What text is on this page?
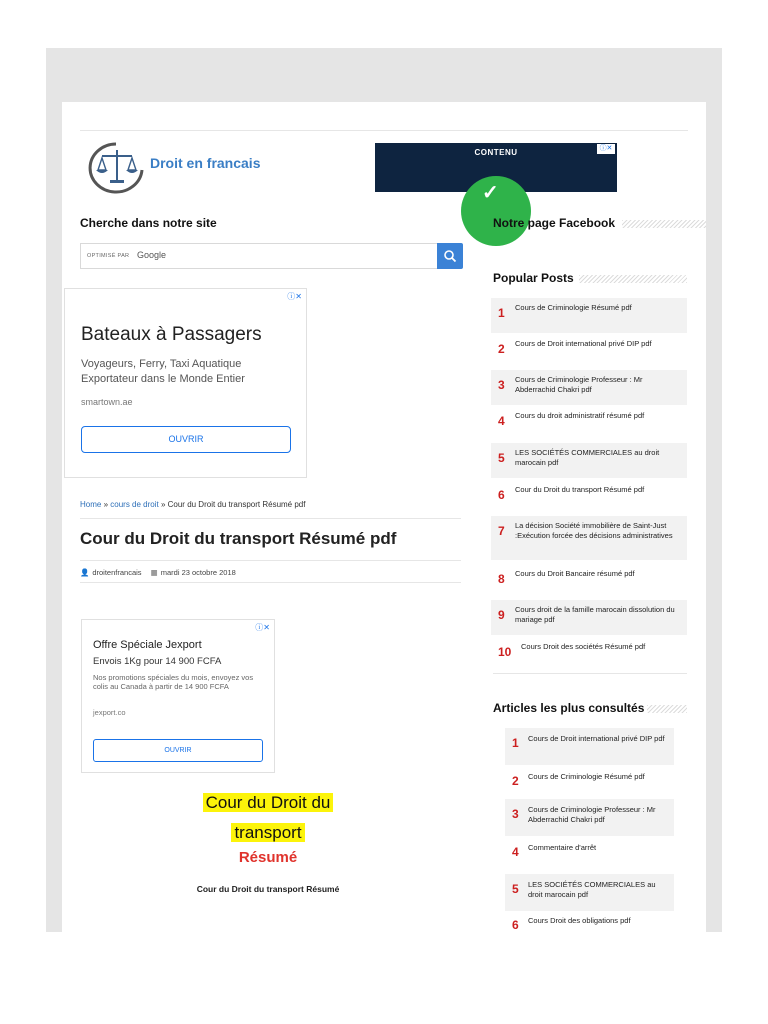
Droit en francais
CONTENU
✓
ⓘ✕
Cherche dans notre site
OPTIMISÉ PAR Google
ⓘ✕
Bateaux à Passagers
Voyageurs, Ferry, Taxi Aquatique Exportateur dans le Monde Entier
smartown.ae
OUVRIR
Home » cours de droit » Cour du Droit du transport Résumé pdf
Cour du Droit du transport Résumé pdf
👤 droitenfrancais ▦ mardi 23 octobre 2018
ⓘ✕
Offre Spéciale Jexport
Envois 1Kg pour 14 900 FCFA
Nos promotions spéciales du mois, envoyez vos colis au Canada à partir de 14 900 FCFA
jexport.co
OUVRIR
Cour du Droit du
transport
Résumé
Cour du Droit du transport Résumé
Notre page Facebook
Popular Posts
1 Cours de Criminologie Résumé pdf
2 Cours de Droit international privé DIP pdf
3 Cours de Criminologie Professeur : Mr Abderrachid Chakri pdf
4 Cours du droit administratif résumé pdf
5 LES SOCIÉTÉS COMMERCIALES au droit marocain pdf
6 Cour du Droit du transport Résumé pdf
7 La décision Société immobilière de Saint-Just :Exécution forcée des décisions administratives
8 Cours du Droit Bancaire résumé pdf
9 Cours droit de la famille marocain dissolution du mariage pdf
10 Cours Droit des sociétés Résumé pdf
Articles les plus consultés
1 Cours de Droit international privé DIP pdf
2 Cours de Criminologie Résumé pdf
3 Cours de Criminologie Professeur : Mr Abderrachid Chakri pdf
4 Commentaire d'arrêt
5 LES SOCIÉTÉS COMMERCIALES au droit marocain pdf
6 Cours Droit des obligations pdf
